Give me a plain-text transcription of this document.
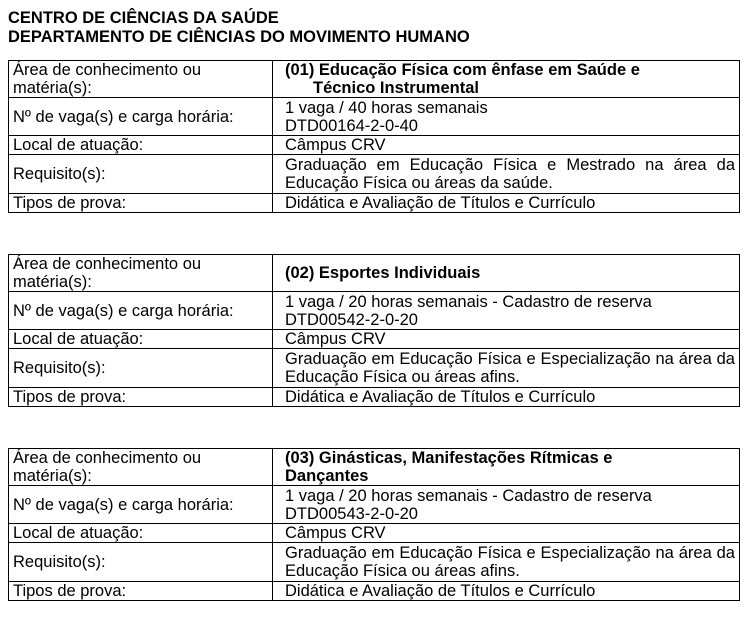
CENTRO DE CIÊNCIAS DA SAÚDE
DEPARTAMENTO DE CIÊNCIAS DO MOVIMENTO HUMANO
Área de conhecimento ou matéria(s):	(01) Educação Física com ênfase em Saúde e
Técnico Instrumental

Nº de vaga(s) e carga horária:	1 vaga / 40 horas semanais
DTD00164-2-0-40

Local de atuação:	Câmpus CRV
Requisito(s):	Graduação em Educação Física e Mestrado na área da Educação Física ou áreas da saúde.
Tipos de prova:	Didática e Avaliação de Títulos e Currículo
Área de conhecimento ou matéria(s):	(02) Esportes Individuais
Nº de vaga(s) e carga horária:	1 vaga / 20 horas semanais - Cadastro de reserva
DTD00542-2-0-20

Local de atuação:	Câmpus CRV
Requisito(s):	Graduação em Educação Física e Especialização na área da Educação Física ou áreas afins.
Tipos de prova:	Didática e Avaliação de Títulos e Currículo
Área de conhecimento ou matéria(s):	(03) Ginásticas, Manifestações Rítmicas e
Dançantes

Nº de vaga(s) e carga horária:	1 vaga / 20 horas semanais - Cadastro de reserva
DTD00543-2-0-20

Local de atuação:	Câmpus CRV
Requisito(s):	Graduação em Educação Física e Especialização na área da Educação Física ou áreas afins.
Tipos de prova:	Didática e Avaliação de Títulos e Currículo
